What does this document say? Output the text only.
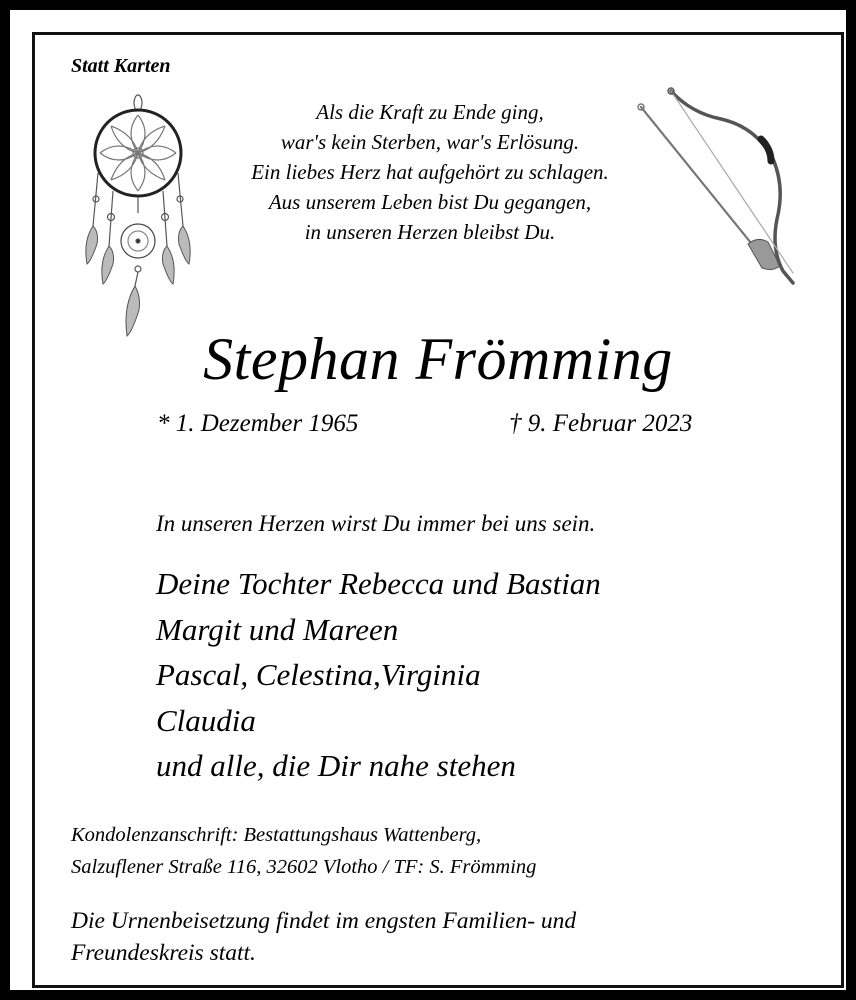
Statt Karten
Als die Kraft zu Ende ging,
war's kein Sterben, war's Erlösung.
Ein liebes Herz hat aufgehört zu schlagen.
Aus unserem Leben bist Du gegangen,
in unseren Herzen bleibst Du.
Stephan Frömming
* 1. Dezember 1965	† 9. Februar 2023
In unseren Herzen wirst Du immer bei uns sein.
Deine Tochter Rebecca und Bastian
Margit und Mareen
Pascal, Celestina,Virginia
Claudia
und alle, die Dir nahe stehen
Kondolenzanschrift: Bestattungshaus Wattenberg,
Salzuflener Straße 116, 32602 Vlotho / TF: S. Frömming
Die Urnenbeisetzung findet im engsten Familien- und
Freundeskreis statt.
